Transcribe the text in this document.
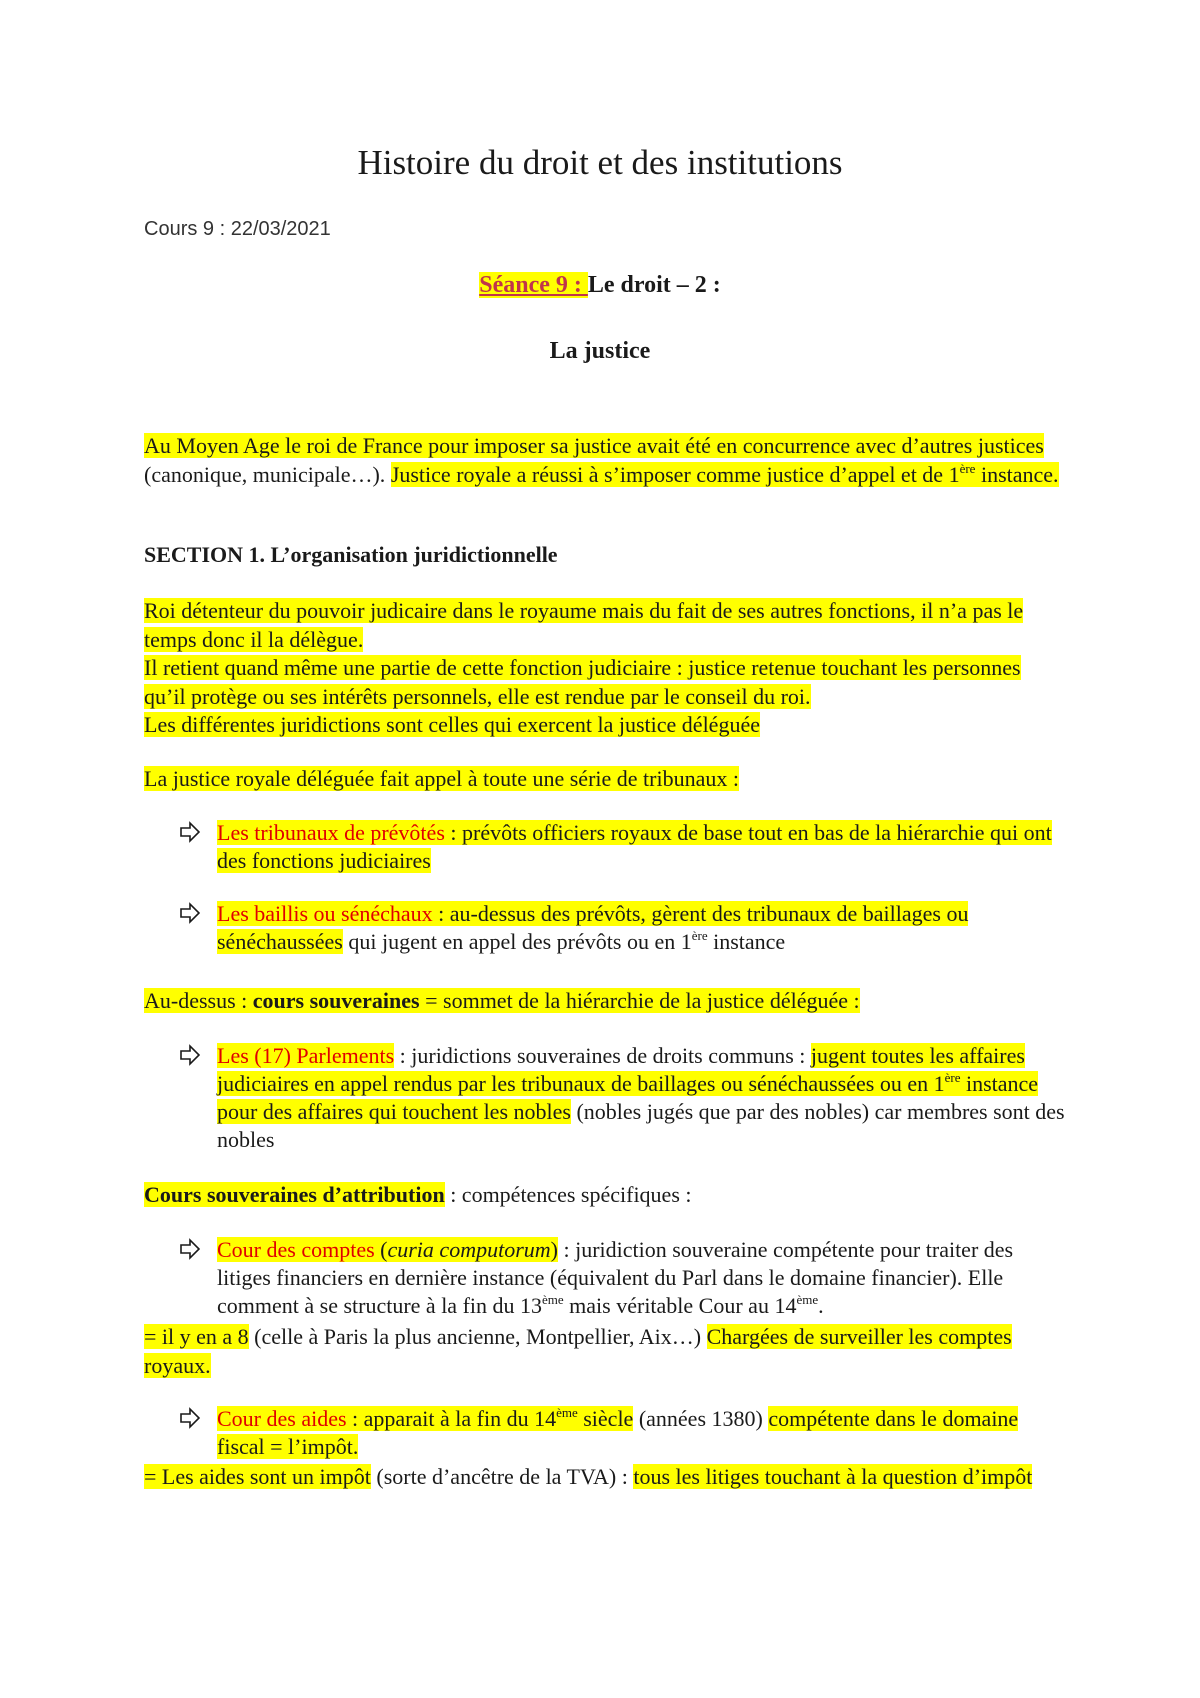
Histoire du droit et des institutions
Cours 9 : 22/03/2021
Séance 9 : Le droit – 2 :
La justice
Au Moyen Age le roi de France pour imposer sa justice avait été en concurrence avec d’autres justices (canonique, municipale…). Justice royale a réussi à s’imposer comme justice d’appel et de 1ère instance.
SECTION 1. L’organisation juridictionnelle
Roi détenteur du pouvoir judicaire dans le royaume mais du fait de ses autres fonctions, il n’a pas le temps donc il la délègue.
Il retient quand même une partie de cette fonction judiciaire : justice retenue touchant les personnes qu’il protège ou ses intérêts personnels, elle est rendue par le conseil du roi.
Les différentes juridictions sont celles qui exercent la justice déléguée
La justice royale déléguée fait appel à toute une série de tribunaux :
Les tribunaux de prévôtés : prévôts officiers royaux de base tout en bas de la hiérarchie qui ont des fonctions judiciaires
Les baillis ou sénéchaux : au-dessus des prévôts, gèrent des tribunaux de baillages ou sénéchaussées qui jugent en appel des prévôts ou en 1ère instance
Au-dessus : cours souveraines = sommet de la hiérarchie de la justice déléguée :
Les (17) Parlements : juridictions souveraines de droits communs : jugent toutes les affaires judiciaires en appel rendus par les tribunaux de baillages ou sénéchaussées ou en 1ère instance pour des affaires qui touchent les nobles (nobles jugés que par des nobles) car membres sont des nobles
Cours souveraines d’attribution : compétences spécifiques :
Cour des comptes (curia computorum) : juridiction souveraine compétente pour traiter des litiges financiers en dernière instance (équivalent du Parl dans le domaine financier). Elle comment à se structure à la fin du 13ème mais véritable Cour au 14ème.
= il y en a 8 (celle à Paris la plus ancienne, Montpellier, Aix…) Chargées de surveiller les comptes royaux.
Cour des aides : apparait à la fin du 14ème siècle (années 1380) compétente dans le domaine fiscal = l’impôt.
= Les aides sont un impôt (sorte d’ancêtre de la TVA) : tous les litiges touchant à la question d’impôt
